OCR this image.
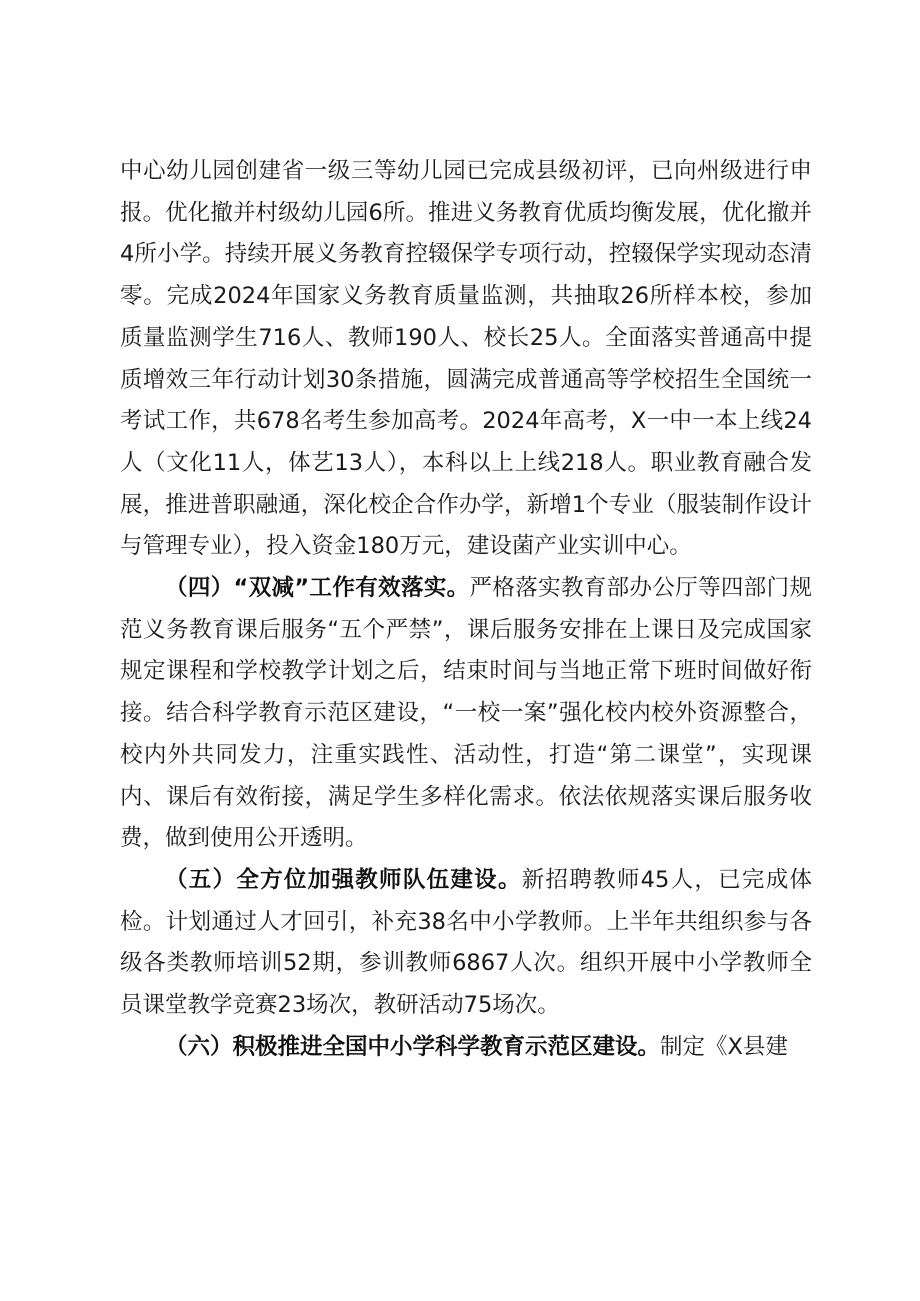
中心幼儿园创建省一级三等幼儿园已完成县级初评，已向州级进行申报。优化撤并村级幼儿园6所。推进义务教育优质均衡发展，优化撤并4所小学。持续开展义务教育控辍保学专项行动，控辍保学实现动态清零。完成2024年国家义务教育质量监测，共抽取26所样本校，参加质量监测学生716人、教师190人、校长25人。全面落实普通高中提质增效三年行动计划30条措施，圆满完成普通高等学校招生全国统一考试工作，共678名考生参加高考。2024年高考，X一中一本上线24人（文化11人，体艺13人），本科以上上线218人。职业教育融合发展，推进普职融通，深化校企合作办学，新增1个专业（服装制作设计与管理专业），投入资金180万元，建设菌产业实训中心。

（四）“双减”工作有效落实。严格落实教育部办公厅等四部门规范义务教育课后服务“五个严禁”，课后服务安排在上课日及完成国家规定课程和学校教学计划之后，结束时间与当地正常下班时间做好衔接。结合科学教育示范区建设，“一校一案”强化校内校外资源整合，校内外共同发力，注重实践性、活动性，打造“第二课堂”，实现课内、课后有效衔接，满足学生多样化需求。依法依规落实课后服务收费，做到使用公开透明。

（五）全方位加强教师队伍建设。新招聘教师45人，已完成体检。计划通过人才回引，补充38名中小学教师。上半年共组织参与各级各类教师培训52期，参训教师6867人次。组织开展中小学教师全员课堂教学竞赛23场次，教研活动75场次。

（六）积极推进全国中小学科学教育示范区建设。制定《X县建
